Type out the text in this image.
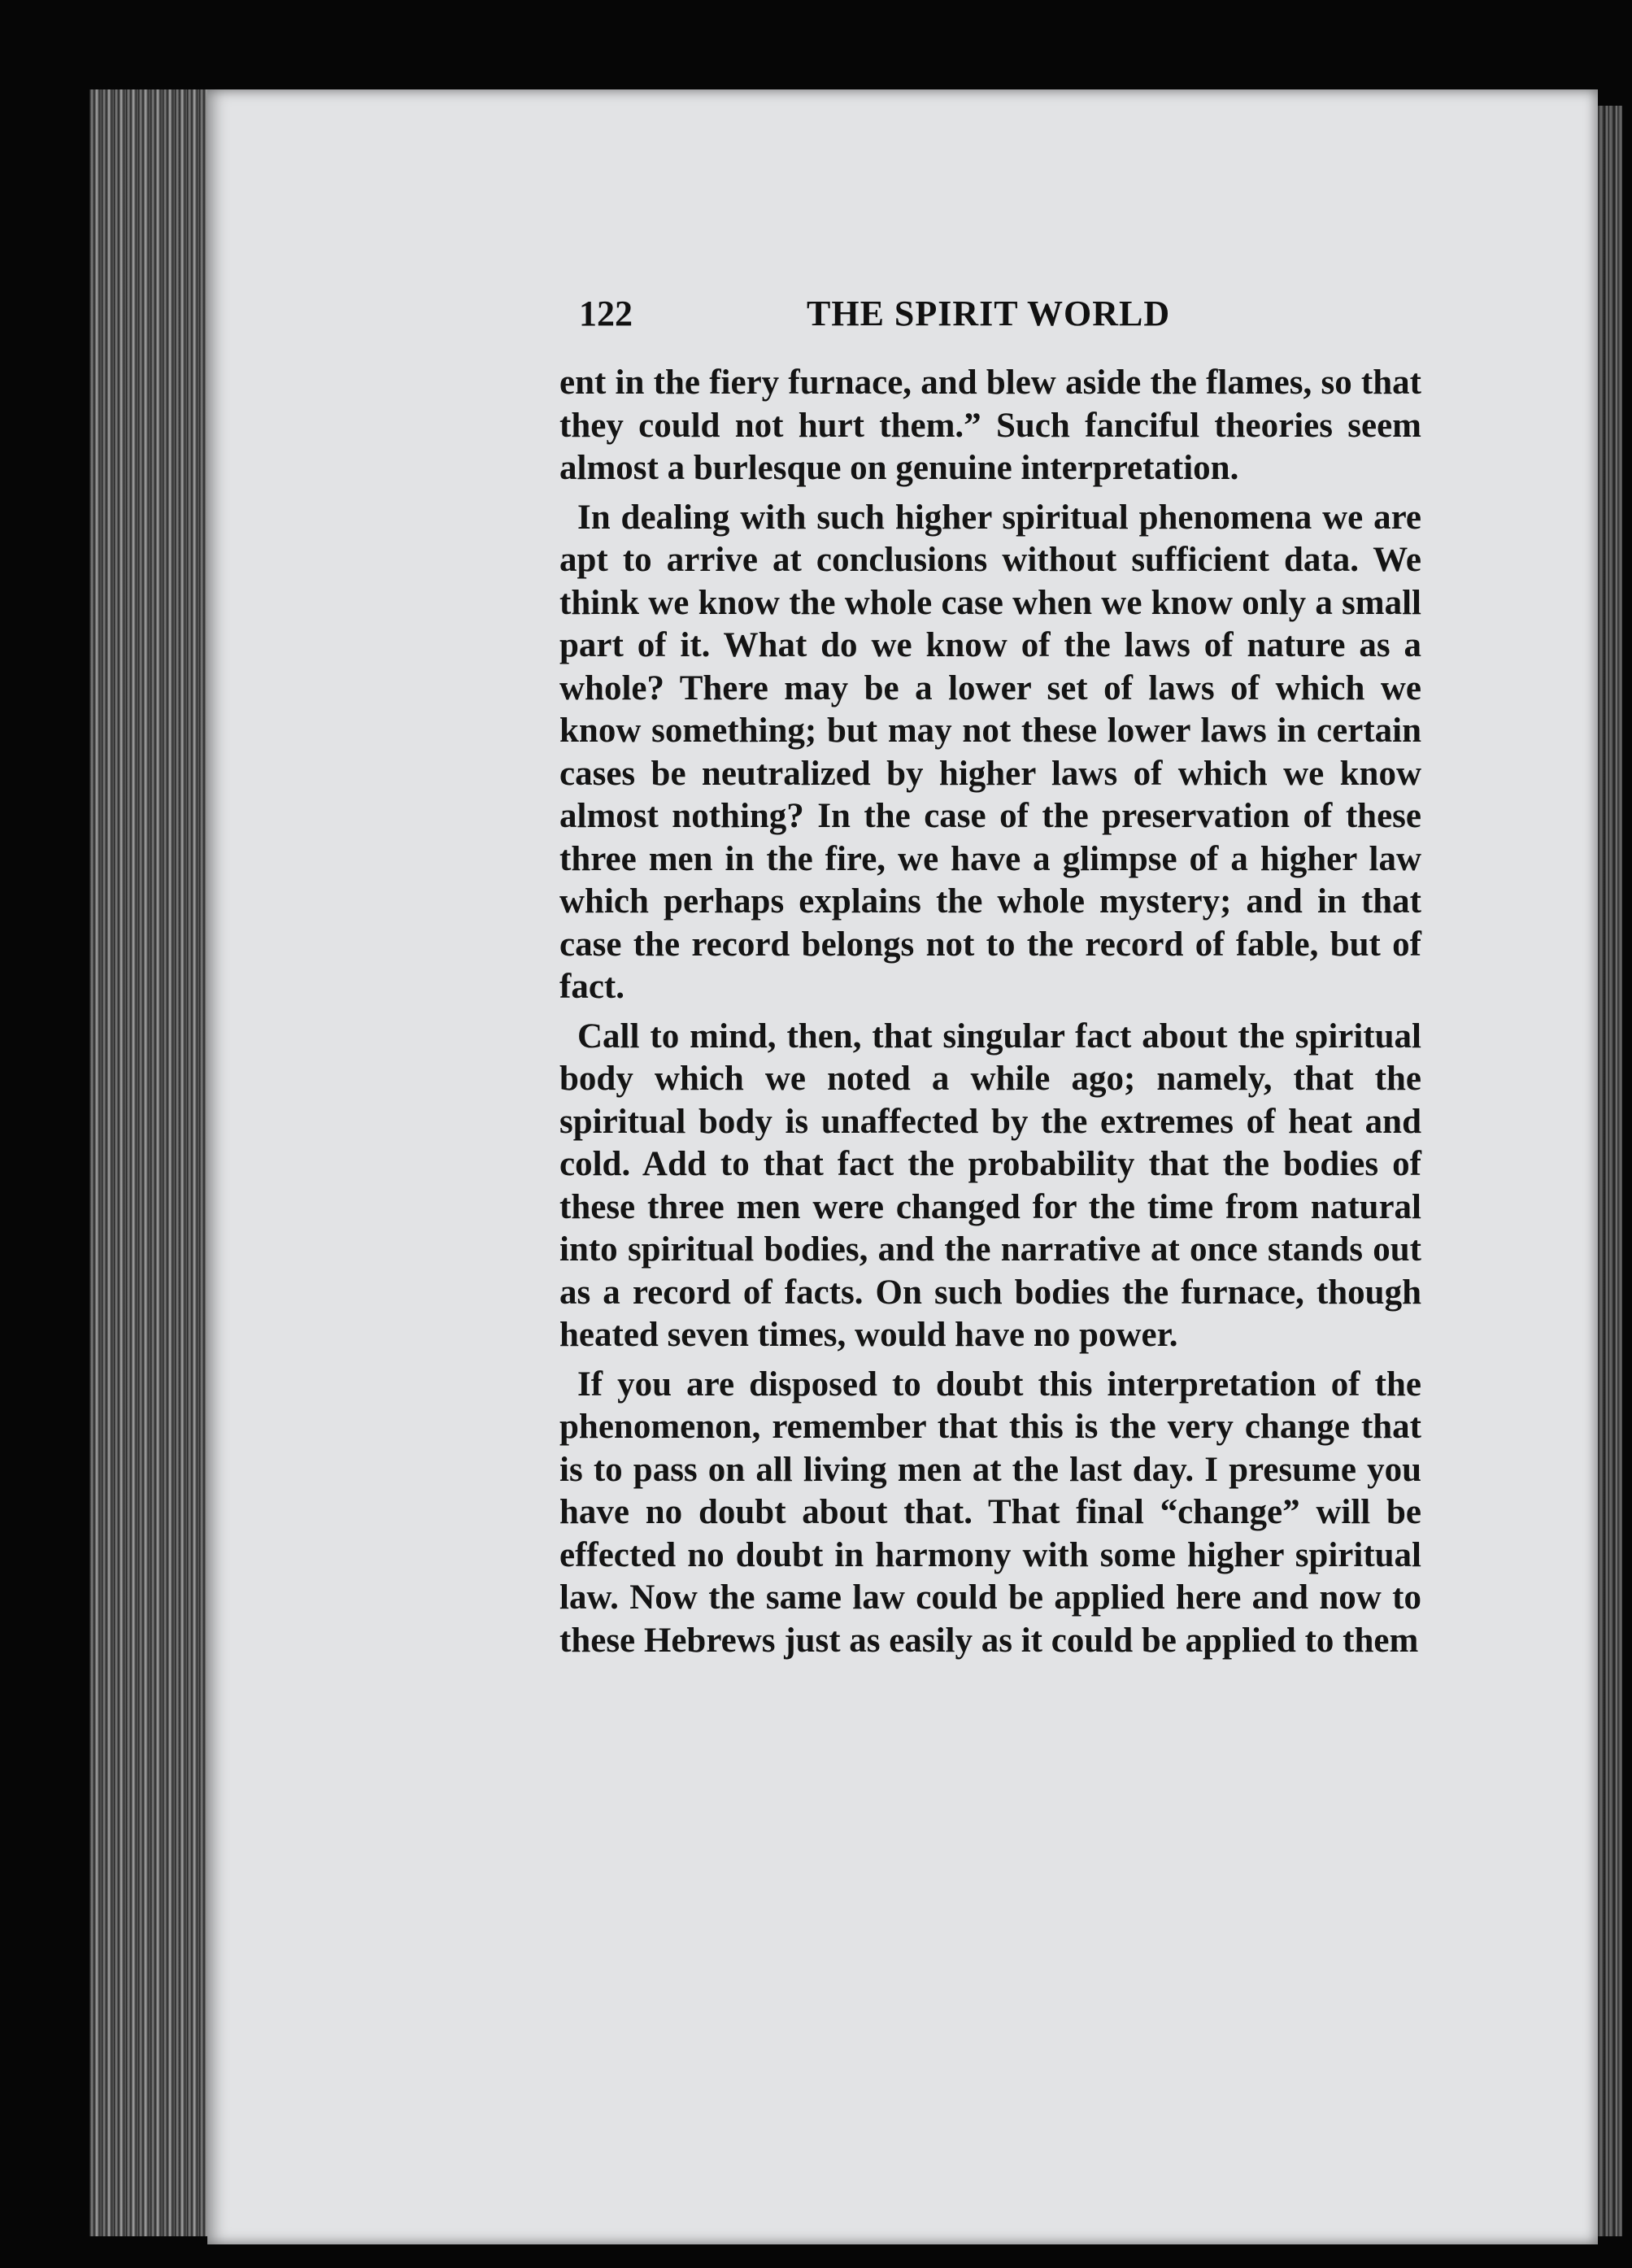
122	THE SPIRIT WORLD

ent in the fiery furnace, and blew aside the flames, so that they could not hurt them.” Such fanciful theories seem almost a burlesque on genuine interpretation.

In dealing with such higher spiritual phenomena we are apt to arrive at conclusions without sufficient data. We think we know the whole case when we know only a small part of it. What do we know of the laws of nature as a whole? There may be a lower set of laws of which we know something; but may not these lower laws in certain cases be neutralized by higher laws of which we know almost nothing? In the case of the preservation of these three men in the fire, we have a glimpse of a higher law which perhaps explains the whole mystery; and in that case the record belongs not to the record of fable, but of fact.

Call to mind, then, that singular fact about the spiritual body which we noted a while ago; namely, that the spiritual body is unaffected by the extremes of heat and cold. Add to that fact the probability that the bodies of these three men were changed for the time from natural into spiritual bodies, and the narrative at once stands out as a record of facts. On such bodies the furnace, though heated seven times, would have no power.

If you are disposed to doubt this interpretation of the phenomenon, remember that this is the very change that is to pass on all living men at the last day. I presume you have no doubt about that. That final “change” will be effected no doubt in harmony with some higher spiritual law. Now the same law could be applied here and now to these Hebrews just as easily as it could be applied to them
